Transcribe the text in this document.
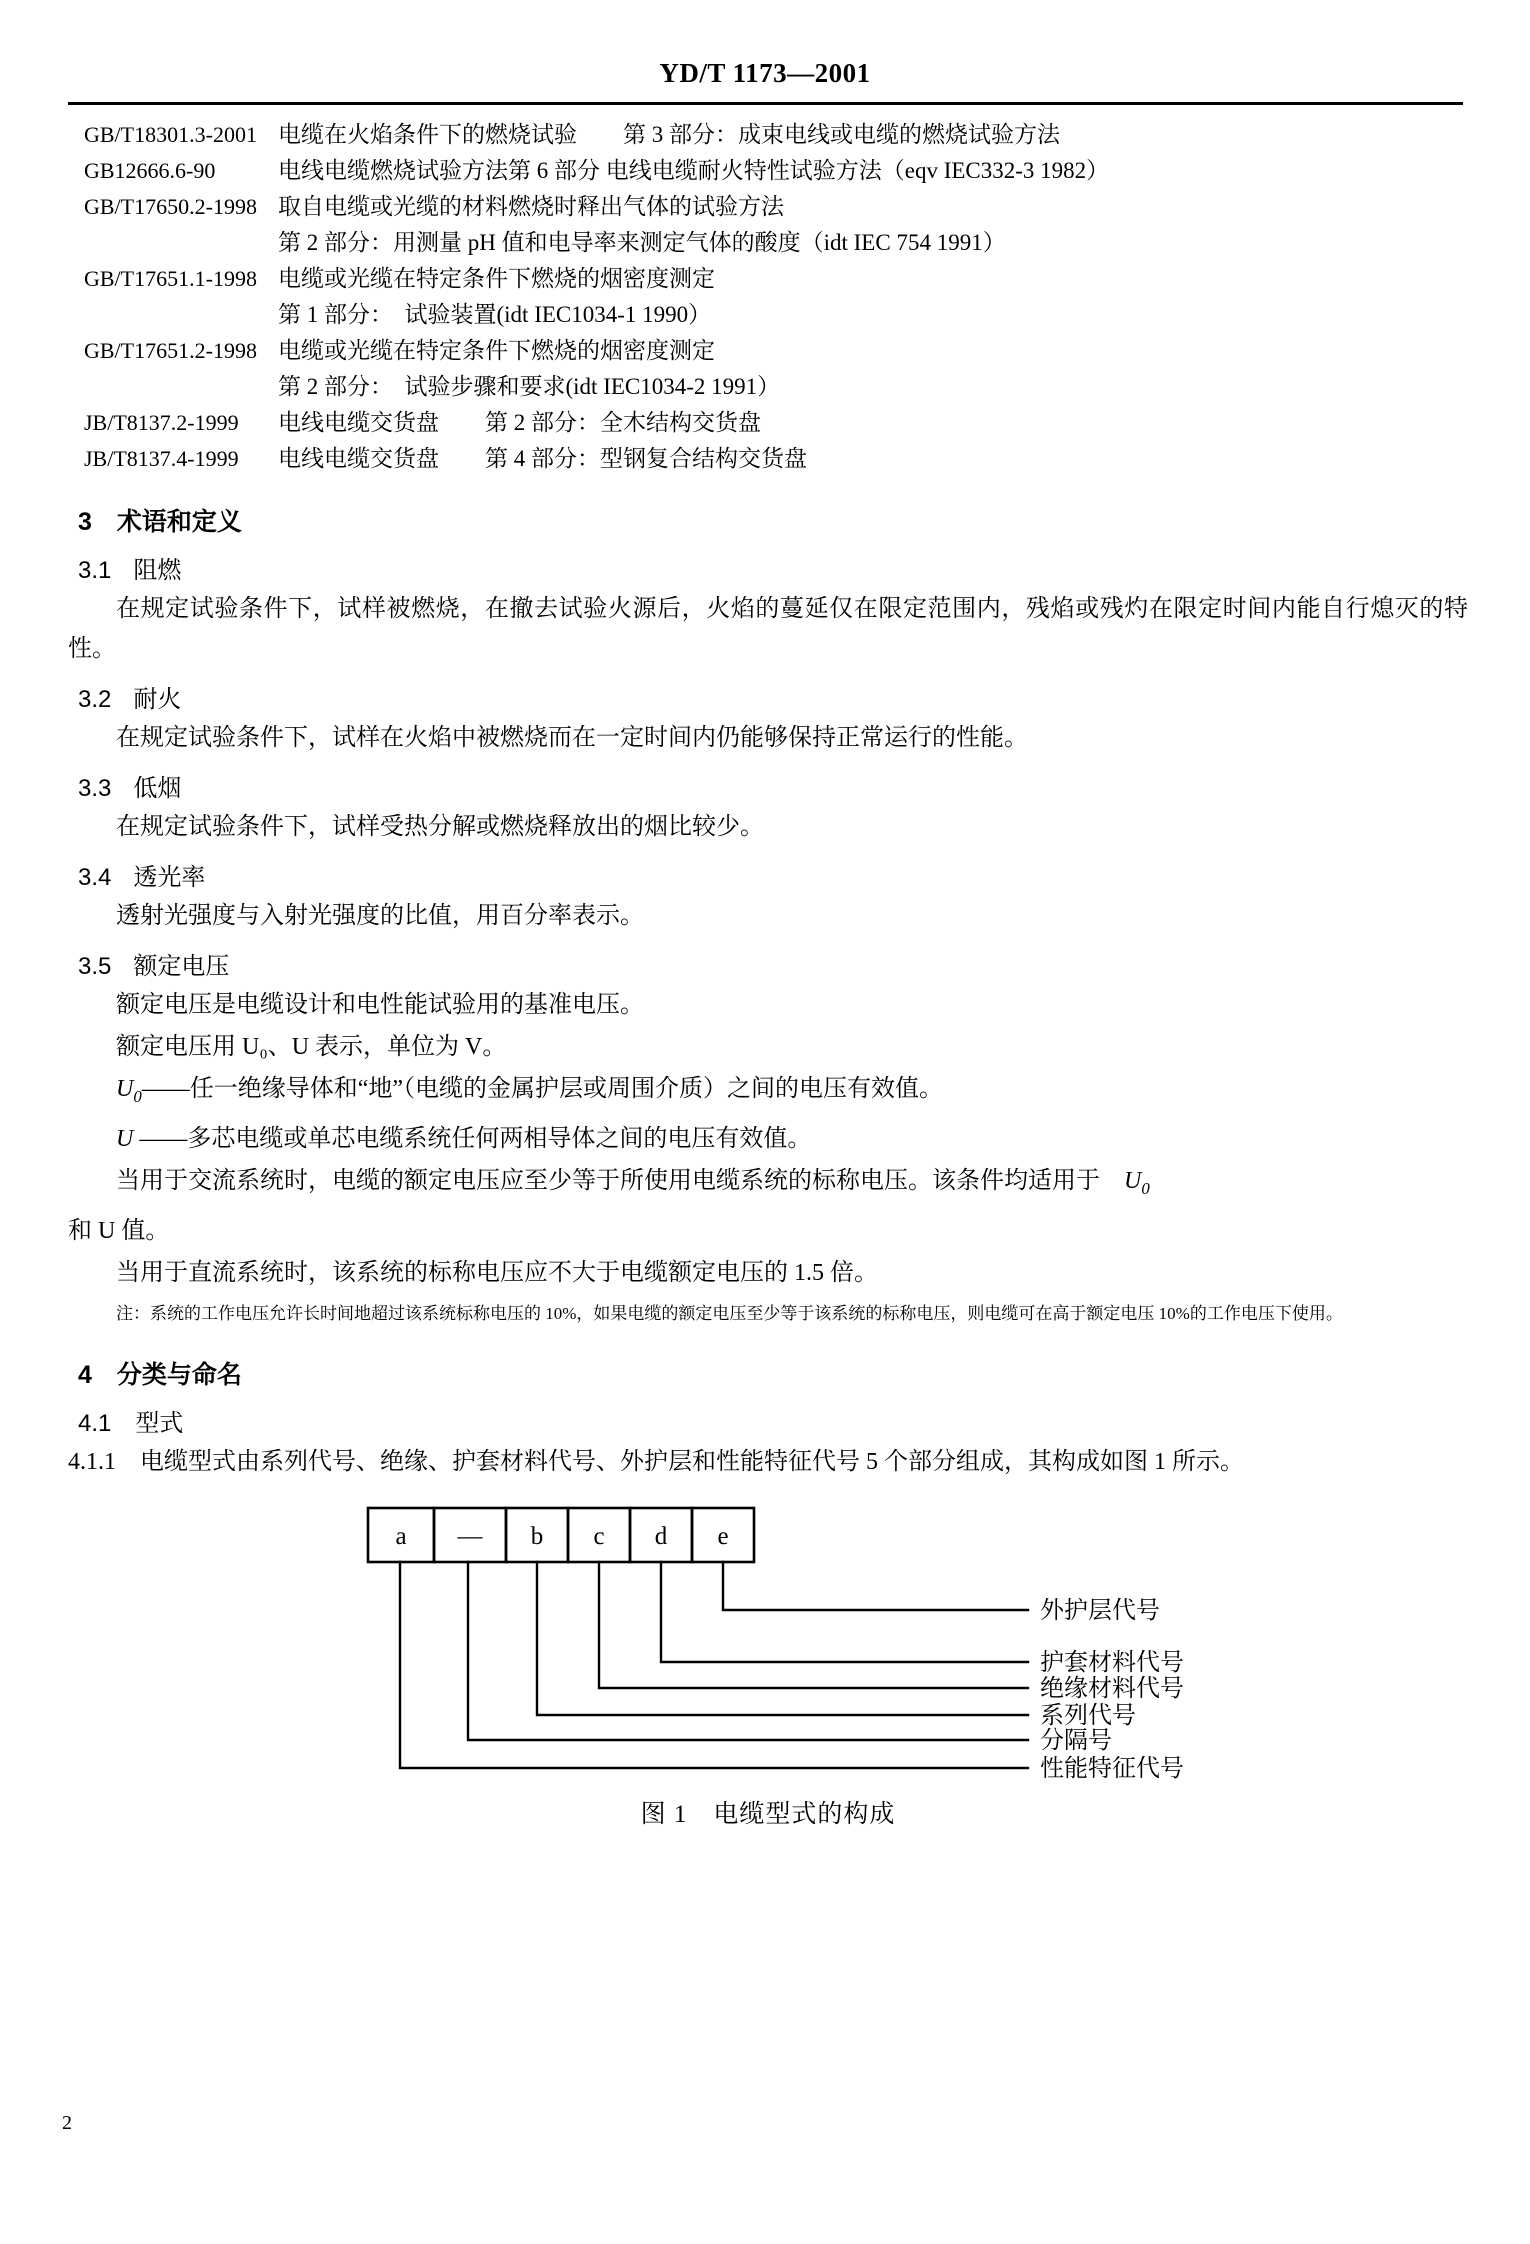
YD/T 1173—2001
GB/T18301.3-2001 电缆在火焰条件下的燃烧试验　　第 3 部分：成束电线或电缆的燃烧试验方法
GB12666.6-90	电线电缆燃烧试验方法第 6 部分 电线电缆耐火特性试验方法（eqv IEC332-3 1982）
GB/T17650.2-1998 取自电缆或光缆的材料燃烧时释出气体的试验方法
第 2 部分：用测量 pH 值和电导率来测定气体的酸度（idt IEC 754 1991）
GB/T17651.1-1998 电缆或光缆在特定条件下燃烧的烟密度测定
第 1 部分：　试验装置(idt IEC1034-1 1990）
GB/T17651.2-1998 电缆或光缆在特定条件下燃烧的烟密度测定
第 2 部分：　试验步骤和要求(idt IEC1034-2 1991）
JB/T8137.2-1999	电线电缆交货盘　　第 2 部分：全木结构交货盘
JB/T8137.4-1999	电线电缆交货盘　　第 4 部分：型钢复合结构交货盘
3　术语和定义
3.1 阻燃

在规定试验条件下，试样被燃烧，在撤去试验火源后，火焰的蔓延仅在限定范围内，残焰或残灼在限定时间内能自行熄灭的特性。

3.2 耐火

在规定试验条件下，试样在火焰中被燃烧而在一定时间内仍能够保持正常运行的性能。

3.3 低烟

在规定试验条件下，试样受热分解或燃烧释放出的烟比较少。

3.4 透光率

透射光强度与入射光强度的比值，用百分率表示。

3.5 额定电压

额定电压是电缆设计和电性能试验用的基准电压。

额定电压用 U₀、U 表示，单位为 V。

$U_0——$任一绝缘导体和“地”（电缆的金属护层或周围介质）之间的电压有效值。

U ——多芯电缆或单芯电缆系统任何两相导体之间的电压有效值。

当用于交流系统时，电缆的额定电压应至少等于所使用电缆系统的标称电压。该条件均适用于　 $U_0$

和 U 值。

当用于直流系统时，该系统的标称电压应不大于电缆额定电压的 1.5 倍。

注：系统的工作电压允许长时间地超过该系统标称电压的 10%，如果电缆的额定电压至少等于该系统的标称电压，则电缆可在高于额定电压 10%的工作电压下使用。

4　分类与命名
4.1　型式

4.1.1　电缆型式由系列代号、绝缘、护套材料代号、外护层和性能特征代号 5 个部分组成，其构成如图 1 所示。

a — b c d e
外护层代号
护套材料代号
绝缘材料代号
系列代号
分隔号
性能特征代号
图 1　电缆型式的构成
2
